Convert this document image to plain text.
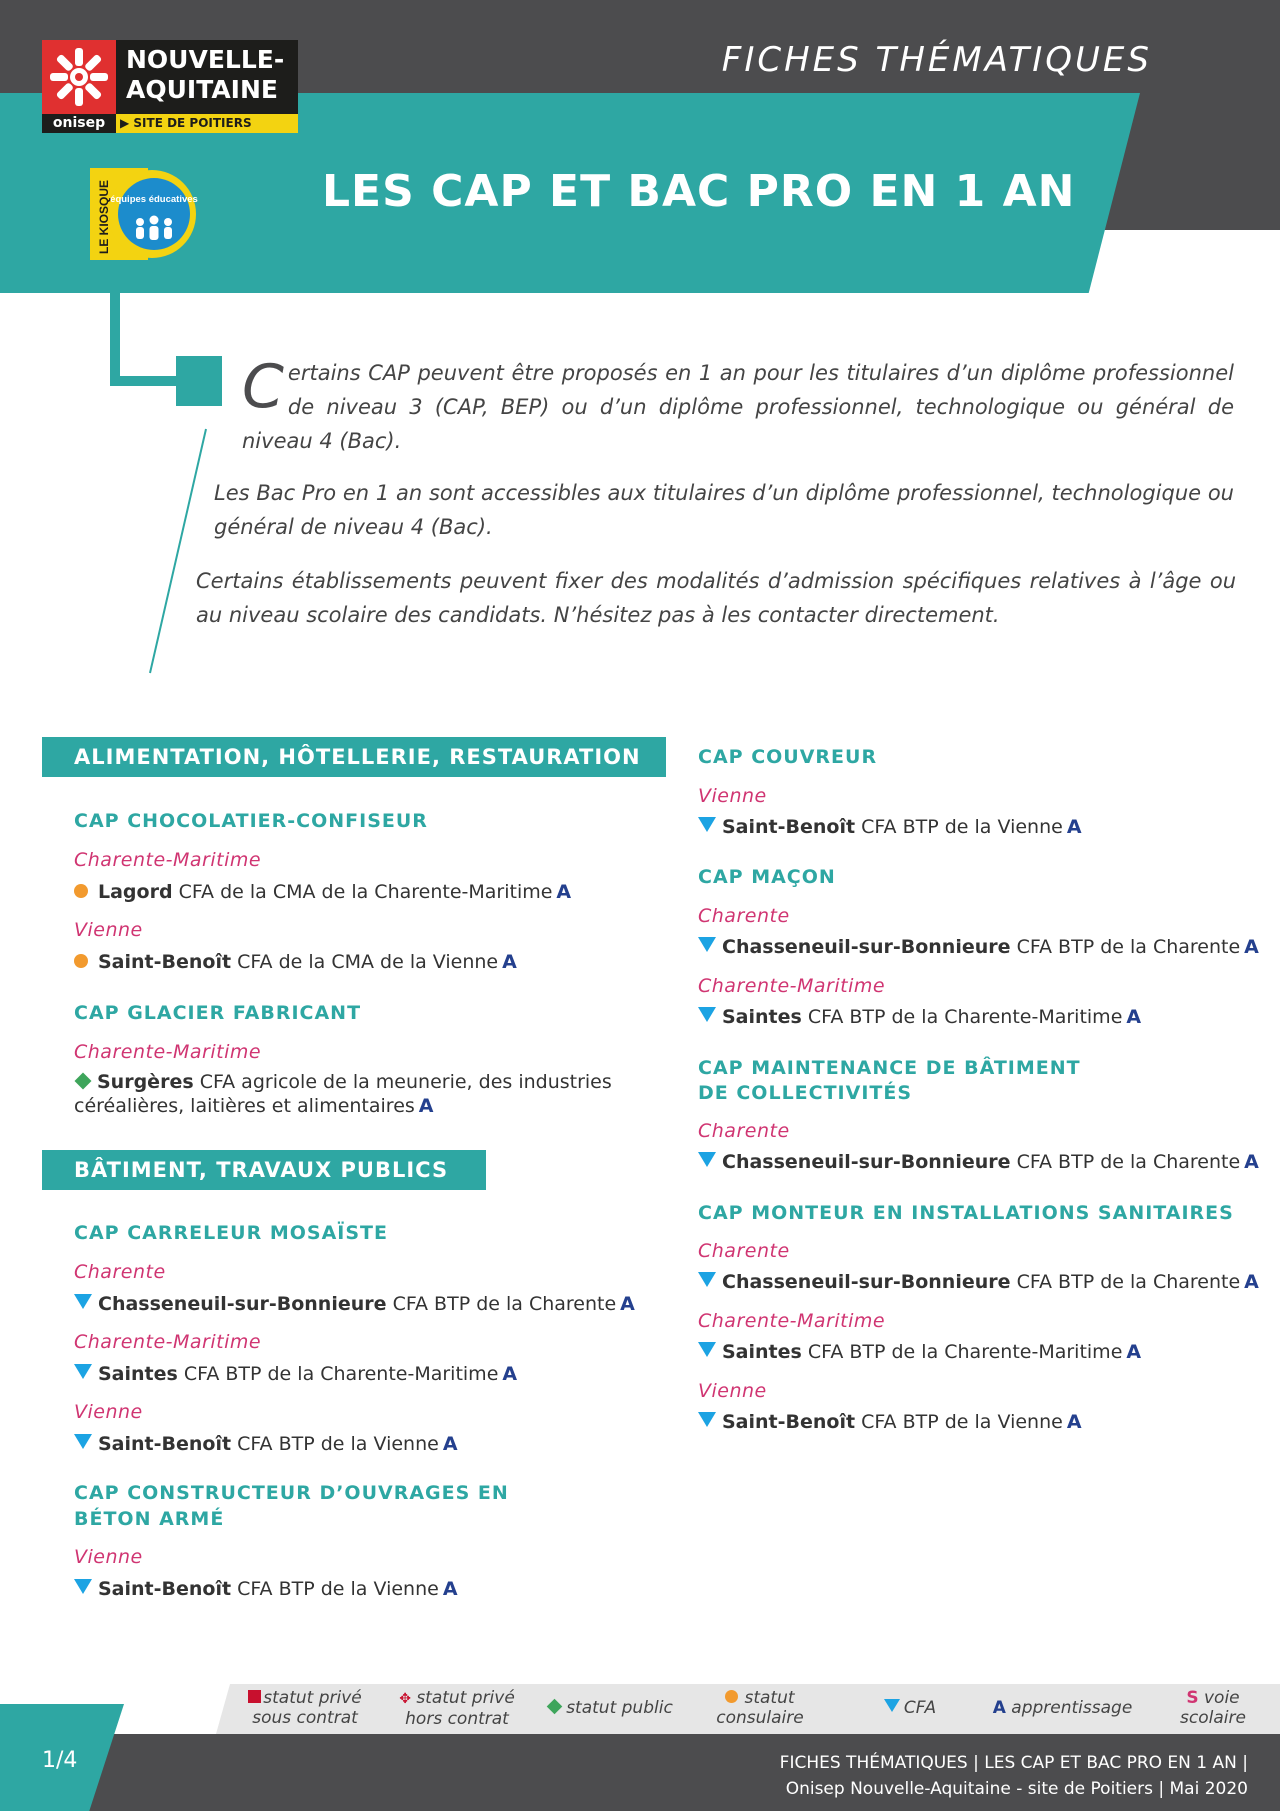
NOUVELLE-
AQUITAINE
onisep	▶ SITE DE POITIERS
FICHES THÉMATIQUES
équipes éducatives
LE KIOSQUE	LES CAP ET BAC PRO EN 1 AN
Certains CAP peuvent être proposés en 1 an pour les titulaires d’un diplôme professionnel de niveau 3 (CAP, BEP) ou d’un diplôme professionnel, technologique ou général de niveau 4 (Bac).
Les Bac Pro en 1 an sont accessibles aux titulaires d’un diplôme professionnel, technologique ou général de niveau 4 (Bac).
Certains établissements peuvent fixer des modalités d’admission spécifiques relatives à l’âge ou au niveau scolaire des candidats. N’hésitez pas à les contacter directement.
ALIMENTATION, HÔTELLERIE, RESTAURATION
CAP CHOCOLATIER-CONFISEUR
Charente-Maritime
Lagord CFA de la CMA de la Charente-Maritime A
Vienne
Saint-Benoît CFA de la CMA de la Vienne A
CAP GLACIER FABRICANT
Charente-Maritime
Surgères CFA agricole de la meunerie, des industries céréalières, laitières et alimentaires A
BÂTIMENT, TRAVAUX PUBLICS
CAP CARRELEUR MOSAÏSTE
Charente
Chasseneuil-sur-Bonnieure CFA BTP de la Charente A
Charente-Maritime
Saintes CFA BTP de la Charente-Maritime A
Vienne
Saint-Benoît CFA BTP de la Vienne A
CAP CONSTRUCTEUR D’OUVRAGES EN
BÉTON ARMÉ
Vienne
Saint-Benoît CFA BTP de la Vienne A
CAP COUVREUR
Vienne
Saint-Benoît CFA BTP de la Vienne A
CAP MAÇON
Charente
Chasseneuil-sur-Bonnieure CFA BTP de la Charente A
Charente-Maritime
Saintes CFA BTP de la Charente-Maritime A
CAP MAINTENANCE DE BÂTIMENT
DE COLLECTIVITÉS
Charente
Chasseneuil-sur-Bonnieure CFA BTP de la Charente A
CAP MONTEUR EN INSTALLATIONS SANITAIRES
Charente
Chasseneuil-sur-Bonnieure CFA BTP de la Charente A
Charente-Maritime
Saintes CFA BTP de la Charente-Maritime A
Vienne
Saint-Benoît CFA BTP de la Vienne A
statut privé
sous contrat
✥ statut privé
hors contrat
statut public	statut
consulaire	CFA	A apprentissage	S voie
scolaire
1/4	FICHES THÉMATIQUES | LES CAP ET BAC PRO EN 1 AN |
Onisep Nouvelle-Aquitaine - site de Poitiers | Mai 2020
